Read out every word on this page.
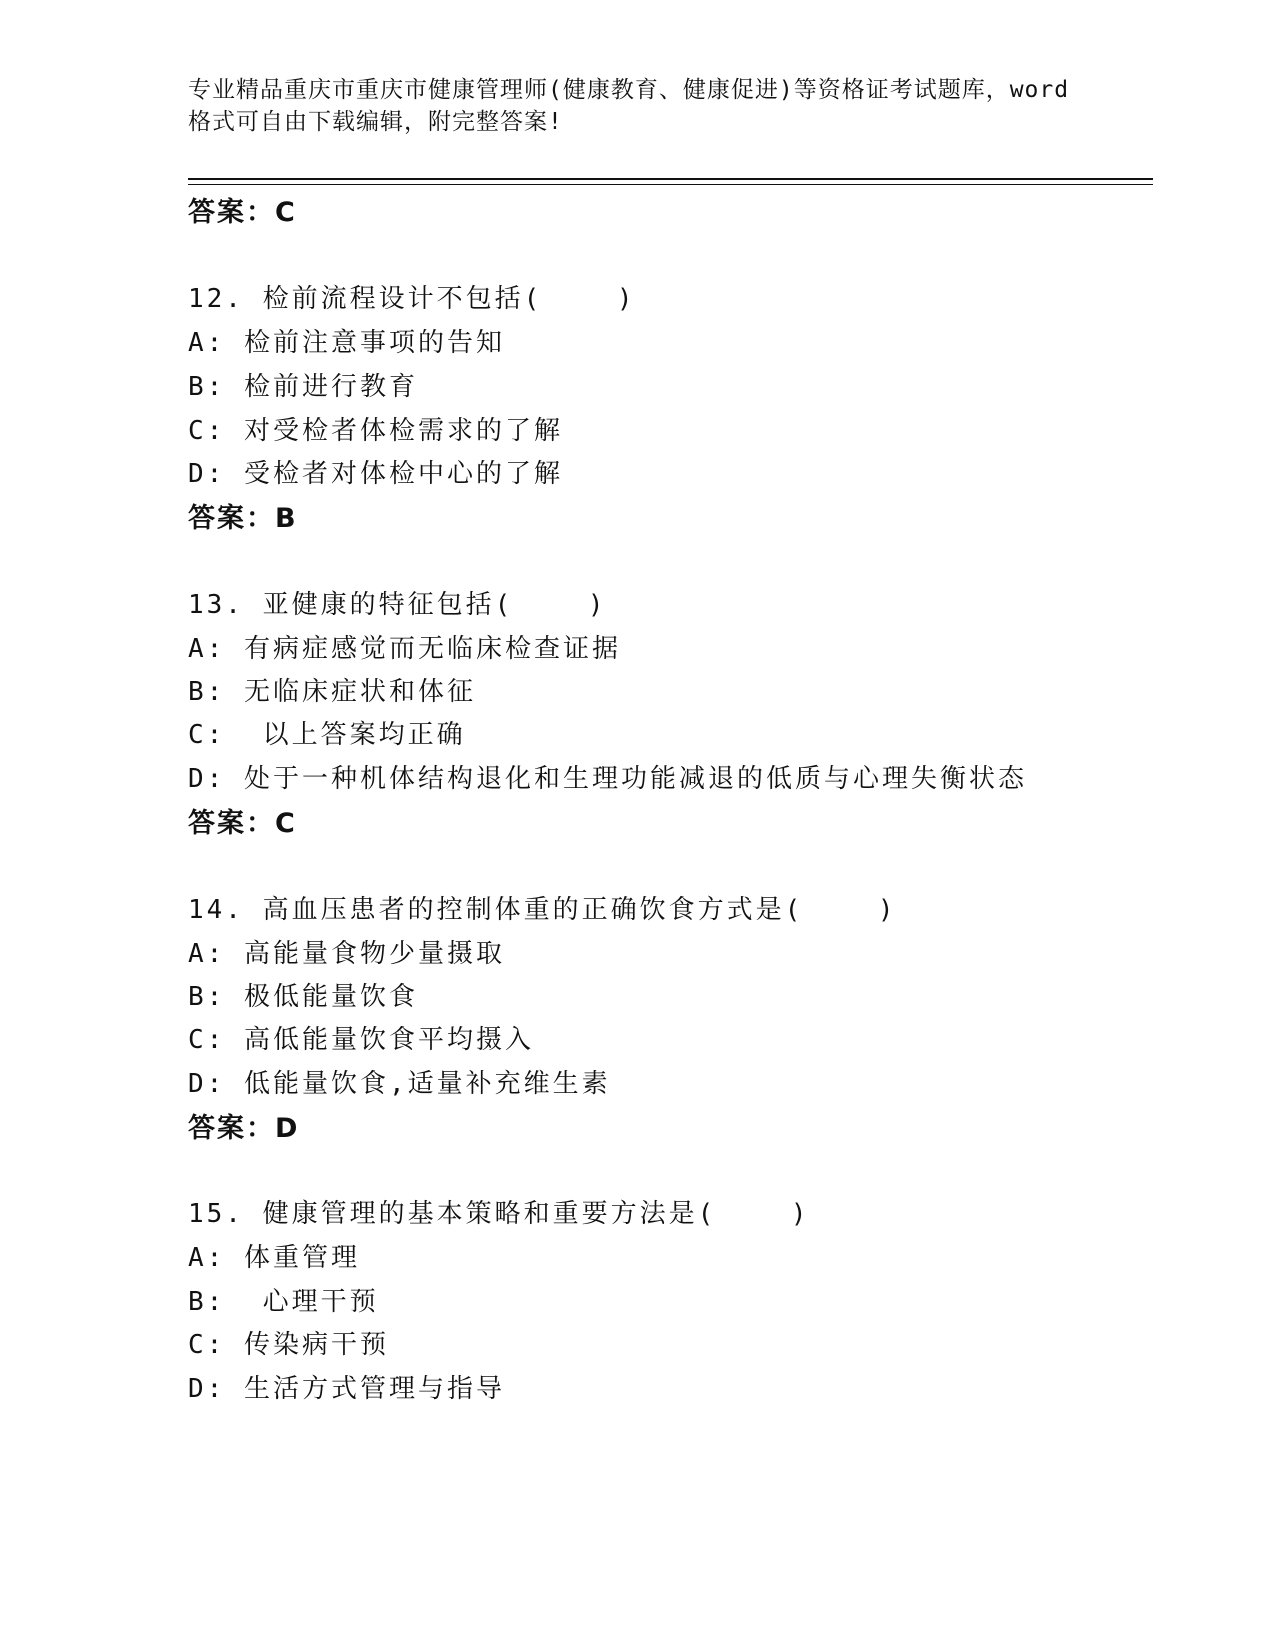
专业精品重庆市重庆市健康管理师(健康教育、健康促进)等资格证考试题库，word
格式可自由下载编辑，附完整答案!
答案：C
12. 检前流程设计不包括(    )
A: 检前注意事项的告知
B: 检前进行教育
C: 对受检者体检需求的了解
D: 受检者对体检中心的了解
答案：B
13. 亚健康的特征包括(    )
A: 有病症感觉而无临床检查证据
B: 无临床症状和体征
C:  以上答案均正确
D: 处于一种机体结构退化和生理功能减退的低质与心理失衡状态
答案：C
14. 高血压患者的控制体重的正确饮食方式是(    )
A: 高能量食物少量摄取
B: 极低能量饮食
C: 高低能量饮食平均摄入
D: 低能量饮食,适量补充维生素
答案：D
15. 健康管理的基本策略和重要方法是(    )
A: 体重管理
B:  心理干预
C: 传染病干预
D: 生活方式管理与指导
